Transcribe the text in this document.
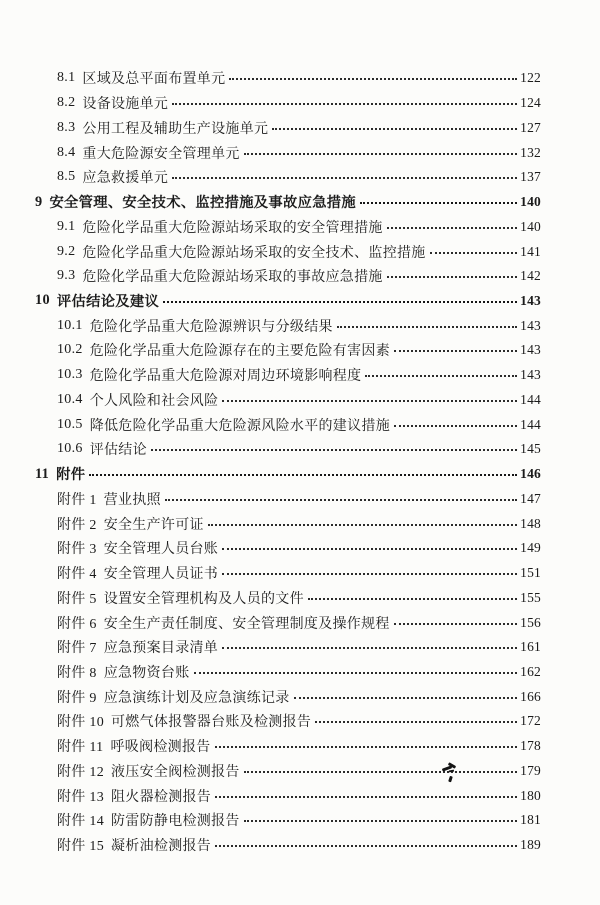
8.1 区域及总平面布置单元	122
8.2 设备设施单元	124
8.3 公用工程及辅助生产设施单元	127
8.4 重大危险源安全管理单元	132
8.5 应急救援单元	137
9 安全管理、安全技术、监控措施及事故应急措施	140
9.1 危险化学品重大危险源站场采取的安全管理措施	140
9.2 危险化学品重大危险源站场采取的安全技术、监控措施	141
9.3 危险化学品重大危险源站场采取的事故应急措施	142
10 评估结论及建议	143
10.1 危险化学品重大危险源辨识与分级结果	143
10.2 危险化学品重大危险源存在的主要危险有害因素	143
10.3 危险化学品重大危险源对周边环境影响程度	143
10.4 个人风险和社会风险	144
10.5 降低危险化学品重大危险源风险水平的建议措施	144
10.6 评估结论	145
11 附件	146
附件 1 营业执照	147
附件 2 安全生产许可证	148
附件 3 安全管理人员台账	149
附件 4 安全管理人员证书	151
附件 5 设置安全管理机构及人员的文件	155
附件 6 安全生产责任制度、安全管理制度及操作规程	156
附件 7 应急预案目录清单	161
附件 8 应急物资台账	162
附件 9 应急演练计划及应急演练记录	166
附件 10 可燃气体报警器台账及检测报告	172
附件 11 呼吸阀检测报告	178
附件 12 液压安全阀检测报告	179
附件 13 阻火器检测报告	180
附件 14 防雷防静电检测报告	181
附件 15 凝析油检测报告	189
